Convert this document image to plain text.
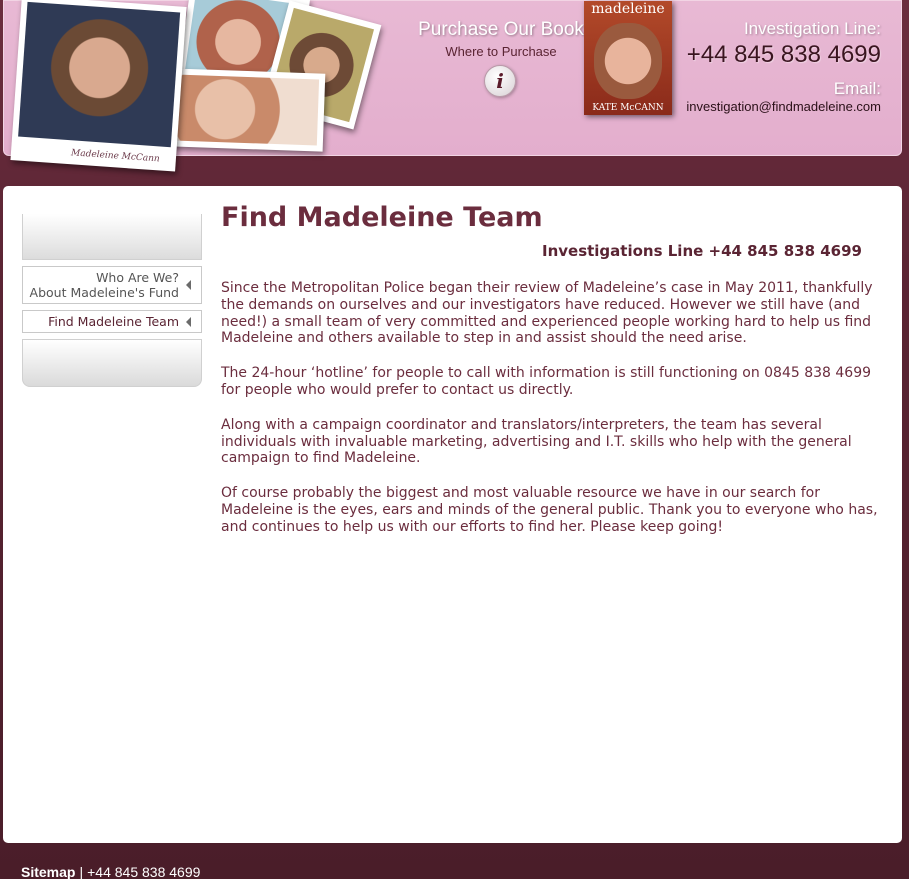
Madeleine McCann
Purchase Our Book
Where to Purchase
i
madeleine
KATE McCANN
Investigation Line:
+44 845 838 4699
Email:
investigation@findmadeleine.com
Who Are We?
About Madeleine's Fund
Find Madeleine Team
Find Madeleine Team
Investigations Line +44 845 838 4699

Since the Metropolitan Police began their review of Madeleine’s case in May 2011, thankfully the demands on ourselves and our investigators have reduced. However we still have (and need!) a small team of very committed and experienced people working hard to help us find Madeleine and others available to step in and assist should the need arise.

The 24-hour ‘hotline’ for people to call with information is still functioning on 0845 838 4699 for people who would prefer to contact us directly.

Along with a campaign coordinator and translators/interpreters, the team has several individuals with invaluable marketing, advertising and I.T. skills who help with the general campaign to find Madeleine.

Of course probably the biggest and most valuable resource we have in our search for Madeleine is the eyes, ears and minds of the general public. Thank you to everyone who has, and continues to help us with our efforts to find her. Please keep going!

Sitemap | +44 845 838 4699
